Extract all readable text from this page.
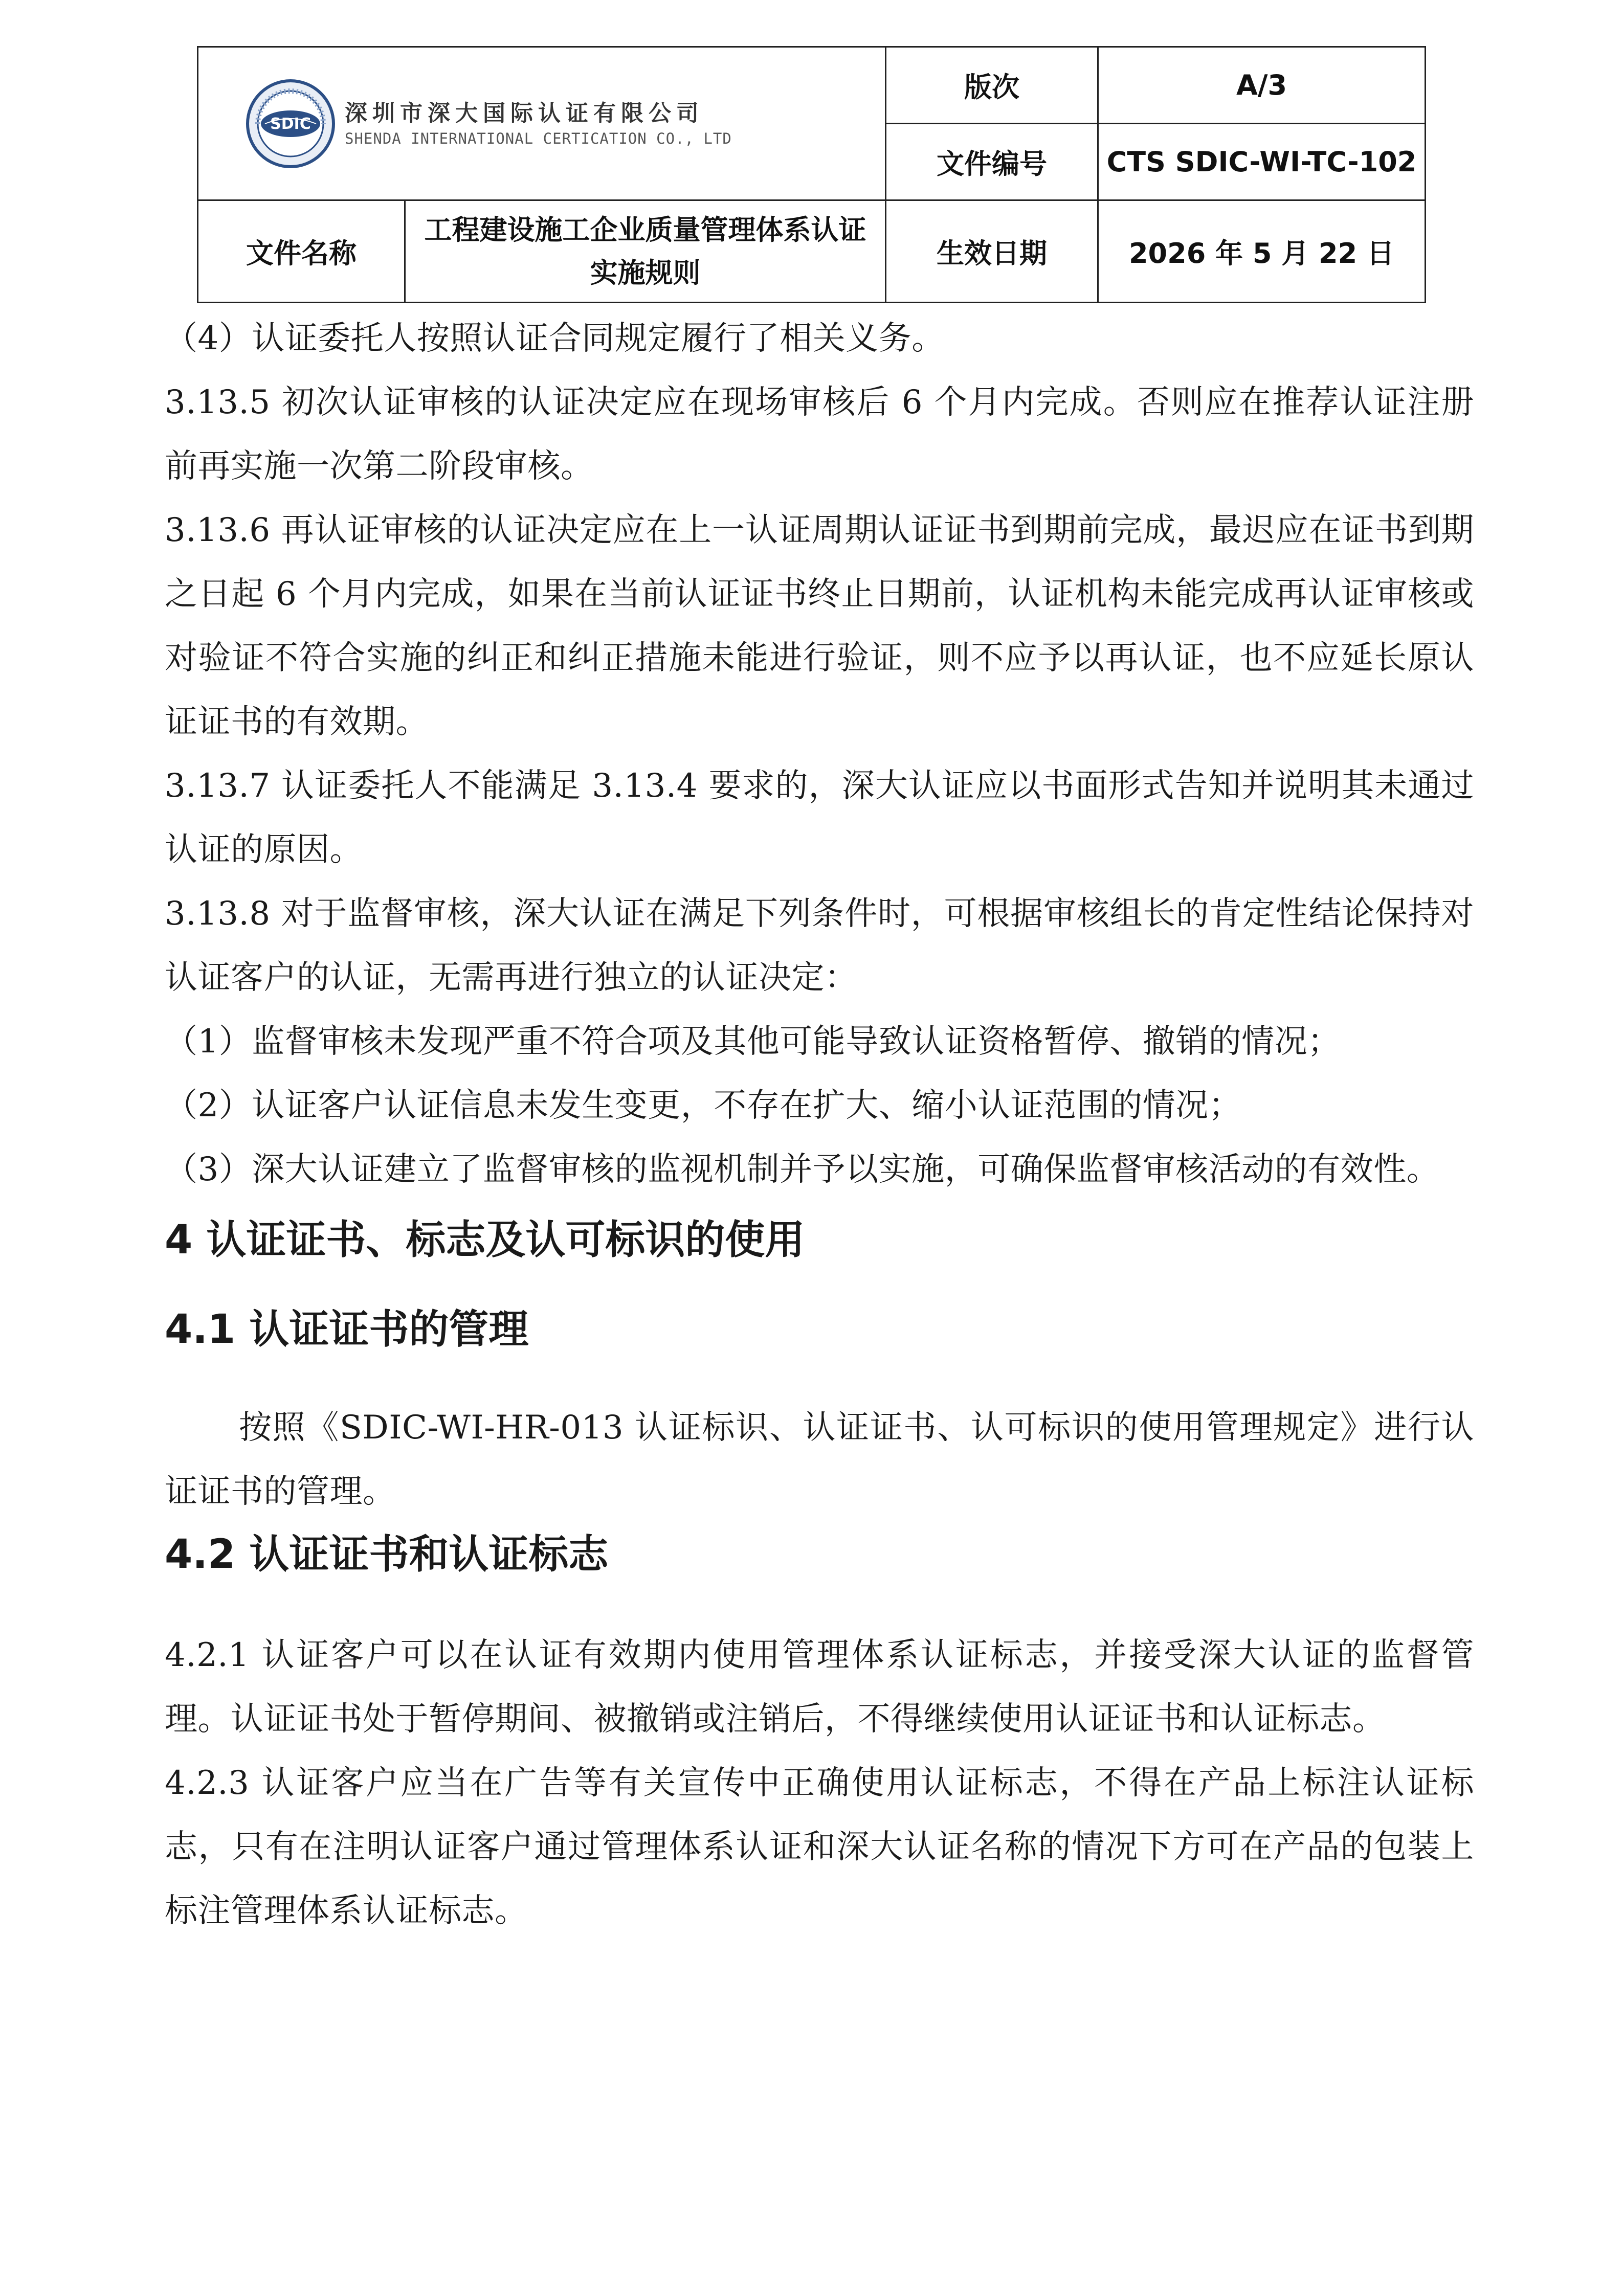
SDIC 深圳市深大国际认证有限公司
SHENDA INTERNATIONAL CERTICATION CO., LTD		版次	A/3
		文件编号	CTS SDIC-WI-TC-102
文件名称	工程建设施工企业质量管理体系认证实施规则	生效日期	2026 年 5 月 22 日

（4）认证委托人按照认证合同规定履行了相关义务。

3.13.5 初次认证审核的认证决定应在现场审核后 6 个月内完成。否则应在推荐认证注册前再实施一次第二阶段审核。

3.13.6 再认证审核的认证决定应在上一认证周期认证证书到期前完成，最迟应在证书到期之日起 6 个月内完成，如果在当前认证证书终止日期前，认证机构未能完成再认证审核或对验证不符合实施的纠正和纠正措施未能进行验证，则不应予以再认证，也不应延长原认证证书的有效期。

3.13.7 认证委托人不能满足 3.13.4 要求的，深大认证应以书面形式告知并说明其未通过认证的原因。

3.13.8 对于监督审核，深大认证在满足下列条件时，可根据审核组长的肯定性结论保持对认证客户的认证，无需再进行独立的认证决定：

（1）监督审核未发现严重不符合项及其他可能导致认证资格暂停、撤销的情况；

（2）认证客户认证信息未发生变更，不存在扩大、缩小认证范围的情况；

（3）深大认证建立了监督审核的监视机制并予以实施，可确保监督审核活动的有效性。

4 认证证书、标志及认可标识的使用
4.1 认证证书的管理

按照《SDIC-WI-HR-013 认证标识、认证证书、认可标识的使用管理规定》进行认证证书的管理。

4.2 认证证书和认证标志

4.2.1 认证客户可以在认证有效期内使用管理体系认证标志，并接受深大认证的监督管理。认证证书处于暂停期间、被撤销或注销后，不得继续使用认证证书和认证标志。

4.2.3 认证客户应当在广告等有关宣传中正确使用认证标志，不得在产品上标注认证标志，只有在注明认证客户通过管理体系认证和深大认证名称的情况下方可在产品的包装上标注管理体系认证标志。
